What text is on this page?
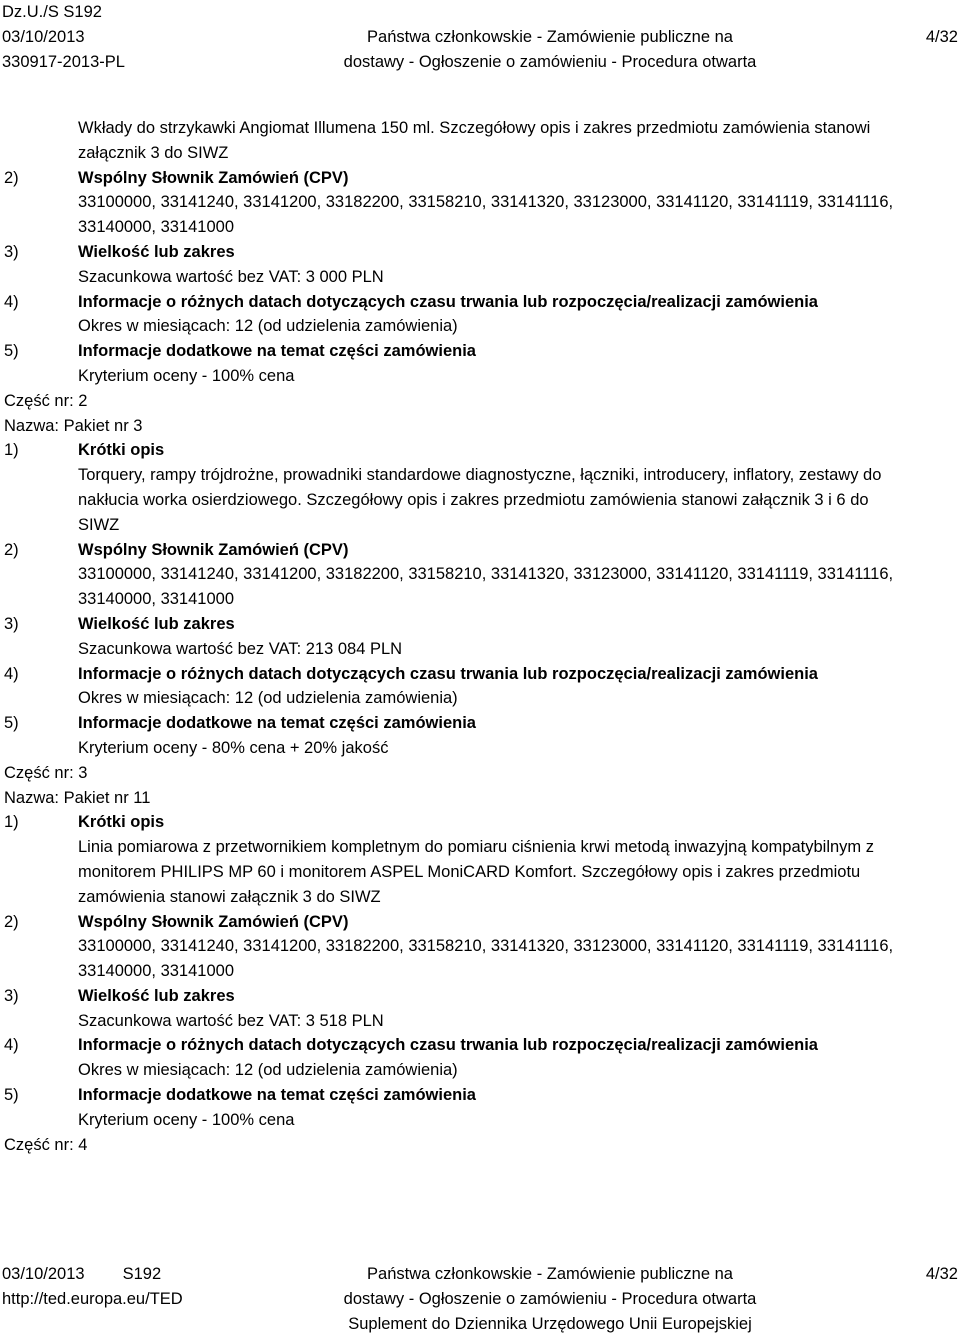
Dz.U./S S192
03/10/2013
330917-2013-PL
Państwa członkowskie - Zamówienie publiczne na
dostawy - Ogłoszenie o zamówieniu - Procedura otwarta
4/32
Wkłady do strzykawki Angiomat Illumena 150 ml. Szczegółowy opis i zakres przedmiotu zamówienia stanowi
załącznik 3 do SIWZ
2)	Wspólny Słownik Zamówień (CPV)
33100000, 33141240, 33141200, 33182200, 33158210, 33141320, 33123000, 33141120, 33141119, 33141116,
33140000, 33141000
3)	Wielkość lub zakres
Szacunkowa wartość bez VAT: 3 000 PLN
4)	Informacje o różnych datach dotyczących czasu trwania lub rozpoczęcia/realizacji zamówienia
Okres w miesiącach: 12 (od udzielenia zamówienia)
5)	Informacje dodatkowe na temat części zamówienia
Kryterium oceny - 100% cena
Część nr: 2
Nazwa: Pakiet nr 3
1)	Krótki opis
Torquery, rampy trójdrożne, prowadniki standardowe diagnostyczne, łączniki, introducery, inflatory, zestawy do
nakłucia worka osierdziowego. Szczegółowy opis i zakres przedmiotu zamówienia stanowi załącznik 3 i 6 do
SIWZ
2)	Wspólny Słownik Zamówień (CPV)
33100000, 33141240, 33141200, 33182200, 33158210, 33141320, 33123000, 33141120, 33141119, 33141116,
33140000, 33141000
3)	Wielkość lub zakres
Szacunkowa wartość bez VAT: 213 084 PLN
4)	Informacje o różnych datach dotyczących czasu trwania lub rozpoczęcia/realizacji zamówienia
Okres w miesiącach: 12 (od udzielenia zamówienia)
5)	Informacje dodatkowe na temat części zamówienia
Kryterium oceny - 80% cena + 20% jakość
Część nr: 3
Nazwa: Pakiet nr 11
1)	Krótki opis
Linia pomiarowa z przetwornikiem kompletnym do pomiaru ciśnienia krwi metodą inwazyjną kompatybilnym z
monitorem PHILIPS MP 60 i monitorem ASPEL MoniCARD Komfort. Szczegółowy opis i zakres przedmiotu
zamówienia stanowi załącznik 3 do SIWZ
2)	Wspólny Słownik Zamówień (CPV)
33100000, 33141240, 33141200, 33182200, 33158210, 33141320, 33123000, 33141120, 33141119, 33141116,
33140000, 33141000
3)	Wielkość lub zakres
Szacunkowa wartość bez VAT: 3 518 PLN
4)	Informacje o różnych datach dotyczących czasu trwania lub rozpoczęcia/realizacji zamówienia
Okres w miesiącach: 12 (od udzielenia zamówienia)
5)	Informacje dodatkowe na temat części zamówienia
Kryterium oceny - 100% cena
Część nr: 4
03/10/2013 S192
http://ted.europa.eu/TED
Państwa członkowskie - Zamówienie publiczne na
dostawy - Ogłoszenie o zamówieniu - Procedura otwarta
Suplement do Dziennika Urzędowego Unii Europejskiej
4/32
